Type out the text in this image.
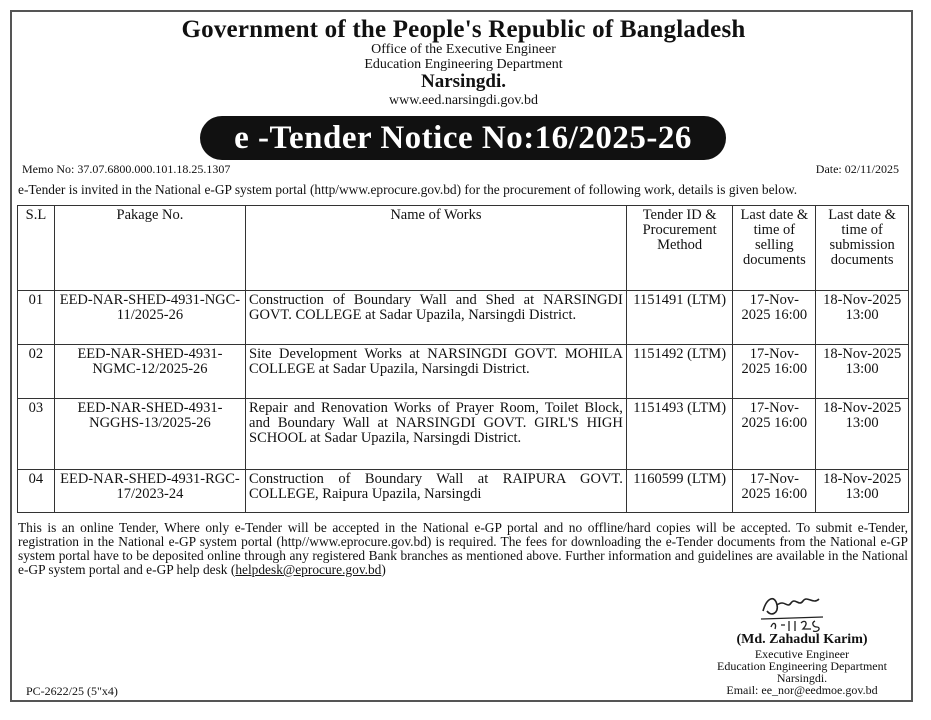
Government of the People's Republic of Bangladesh
Office of the Executive Engineer
Education Engineering Department
Narsingdi.
www.eed.narsingdi.gov.bd
e -Tender Notice No:16/2025-26
Memo No: 37.07.6800.000.101.18.25.1307	Date: 02/11/2025
e-Tender is invited in the National e-GP system portal (http/www.eprocure.gov.bd) for the procurement of following work, details is given below.
S.L	Pakage No.	Name of Works	Tender ID & Procurement Method	Last date & time of selling documents	Last date & time of submission documents
01	EED-NAR-SHED-4931-NGC-11/2025-26	Construction of Boundary Wall and Shed at NARSINGDI GOVT. COLLEGE at Sadar Upazila, Narsingdi District.	1151491 (LTM)	17-Nov-2025 16:00	18-Nov-2025 13:00
02	EED-NAR-SHED-4931-NGMC-12/2025-26	Site Development Works at NARSINGDI GOVT. MOHILA COLLEGE at Sadar Upazila, Narsingdi District.	1151492 (LTM)	17-Nov-2025 16:00	18-Nov-2025 13:00
03	EED-NAR-SHED-4931-NGGHS-13/2025-26	Repair and Renovation Works of Prayer Room, Toilet Block, and Boundary Wall at NARSINGDI GOVT. GIRL'S HIGH SCHOOL at Sadar Upazila, Narsingdi District.	1151493 (LTM)	17-Nov-2025 16:00	18-Nov-2025 13:00
04	EED-NAR-SHED-4931-RGC-17/2023-24	Construction of Boundary Wall at RAIPURA GOVT. COLLEGE, Raipura Upazila, Narsingdi	1160599 (LTM)	17-Nov-2025 16:00	18-Nov-2025 13:00
This is an online Tender, Where only e-Tender will be accepted in the National e-GP portal and no offline/hard copies will be accepted. To submit e-Tender, registration in the National e-GP system portal (http//www.eprocure.gov.bd) is required. The fees for downloading the e-Tender documents from the National e-GP system portal have to be deposited online through any registered Bank branches as mentioned above. Further information and guidelines are available in the National e-GP system portal and e-GP help desk (helpdesk@eprocure.gov.bd)
(Md. Zahadul Karim)
Executive Engineer
Education Engineering Department
Narsingdi.
Email: ee_nor@eedmoe.gov.bd
PC-2622/25 (5"x4)
